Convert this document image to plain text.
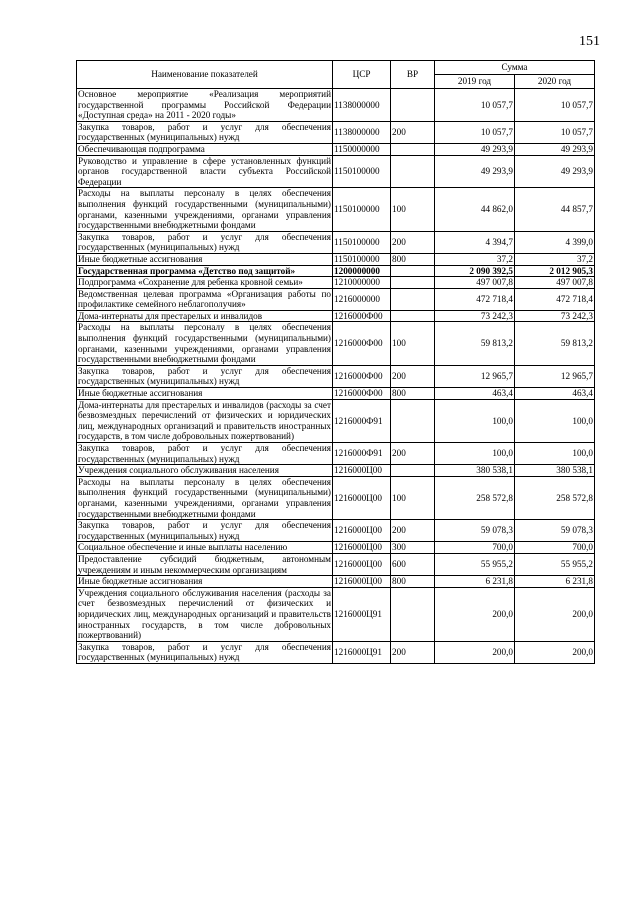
151
Наименование показателей	ЦСР	ВР	Сумма	
			2019 год	2020 год
Основное мероприятие «Реализация мероприятий государственной программы Российской Федерации «Доступная среда» на 2011 - 2020 годы»	1138000000		10 057,7	10 057,7
Закупка товаров, работ и услуг для обеспечения государственных (муниципальных) нужд	1138000000	200	10 057,7	10 057,7
Обеспечивающая подпрограмма	1150000000		49 293,9	49 293,9
Руководство и управление в сфере установленных функций органов государственной власти субъекта Российской Федерации	1150100000		49 293,9	49 293,9
Расходы на выплаты персоналу в целях обеспечения выполнения функций государственными (муниципальными) органами, казенными учреждениями, органами управления государственными внебюджетными фондами	1150100000	100	44 862,0	44 857,7
Закупка товаров, работ и услуг для обеспечения государственных (муниципальных) нужд	1150100000	200	4 394,7	4 399,0
Иные бюджетные ассигнования	1150100000	800	37,2	37,2
Государственная программа «Детство под защитой»	1200000000		2 090 392,5	2 012 905,3
Подпрограмма «Сохранение для ребенка кровной семьи»	1210000000		497 007,8	497 007,8
Ведомственная целевая программа «Организация работы по профилактике семейного неблагополучия»	1216000000		472 718,4	472 718,4
Дома-интернаты для престарелых и инвалидов	1216000Ф00		73 242,3	73 242,3
Расходы на выплаты персоналу в целях обеспечения выполнения функций государственными (муниципальными) органами, казенными учреждениями, органами управления государственными внебюджетными фондами	1216000Ф00	100	59 813,2	59 813,2
Закупка товаров, работ и услуг для обеспечения государственных (муниципальных) нужд	1216000Ф00	200	12 965,7	12 965,7
Иные бюджетные ассигнования	1216000Ф00	800	463,4	463,4
Дома-интернаты для престарелых и инвалидов (расходы за счет безвозмездных перечислений от физических и юридических лиц, международных организаций и правительств иностранных государств, в том числе добровольных пожертвований)	1216000Ф91		100,0	100,0
Закупка товаров, работ и услуг для обеспечения государственных (муниципальных) нужд	1216000Ф91	200	100,0	100,0
Учреждения социального обслуживания населения	1216000Ц00		380 538,1	380 538,1
Расходы на выплаты персоналу в целях обеспечения выполнения функций государственными (муниципальными) органами, казенными учреждениями, органами управления государственными внебюджетными фондами	1216000Ц00	100	258 572,8	258 572,8
Закупка товаров, работ и услуг для обеспечения государственных (муниципальных) нужд	1216000Ц00	200	59 078,3	59 078,3
Социальное обеспечение и иные выплаты населению	1216000Ц00	300	700,0	700,0
Предоставление субсидий бюджетным, автономным учреждениям и иным некоммерческим организациям	1216000Ц00	600	55 955,2	55 955,2
Иные бюджетные ассигнования	1216000Ц00	800	6 231,8	6 231,8
Учреждения социального обслуживания населения (расходы за счет безвозмездных перечислений от физических и юридических лиц, международных организаций и правительств иностранных государств, в том числе добровольных пожертвований)	1216000Ц91		200,0	200,0
Закупка товаров, работ и услуг для обеспечения государственных (муниципальных) нужд	1216000Ц91	200	200,0	200,0
